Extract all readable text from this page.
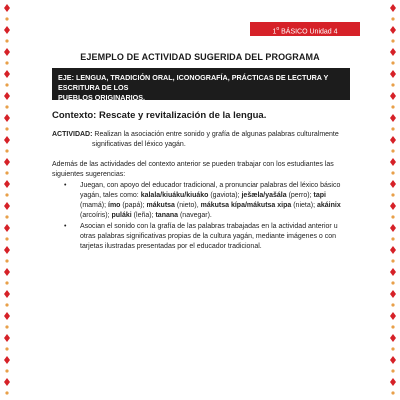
1$^o$ BÁSICO Unidad 4
EJEMPLO DE ACTIVIDAD SUGERIDA DEL PROGRAMA
EJE: LENGUA, TRADICIÓN ORAL, ICONOGRAFÍA, PRÁCTICAS DE LECTURA Y ESCRITURA DE LOS
PUEBLOS ORIGINARIOS.
Contexto: Rescate y revitalización de la lengua.
ACTIVIDAD: Realizan la asociación entre sonido y grafía de algunas palabras culturalmente
significativas del léxico yagán.
Además de las actividades del contexto anterior se pueden trabajar con los estudiantes las siguientes sugerencias:
• Juegan, con apoyo del educador tradicional, a pronunciar palabras del léxico básico yagán, tales como: kalala/kiuáku/kiuáko (gaviota); ješæla/yašála (perro); tapi (mamá); ímo (papá); mákutsa (nieto), mákutsa kípa/mákutsa xipa (nieta); akáinix (arcoíris); puláki (leña); tanana (navegar).
• Asocian el sonido con la grafía de las palabras trabajadas en la actividad anterior u otras palabras significativas propias de la cultura yagán, mediante imágenes o con tarjetas ilustradas presentadas por el educador tradicional.
